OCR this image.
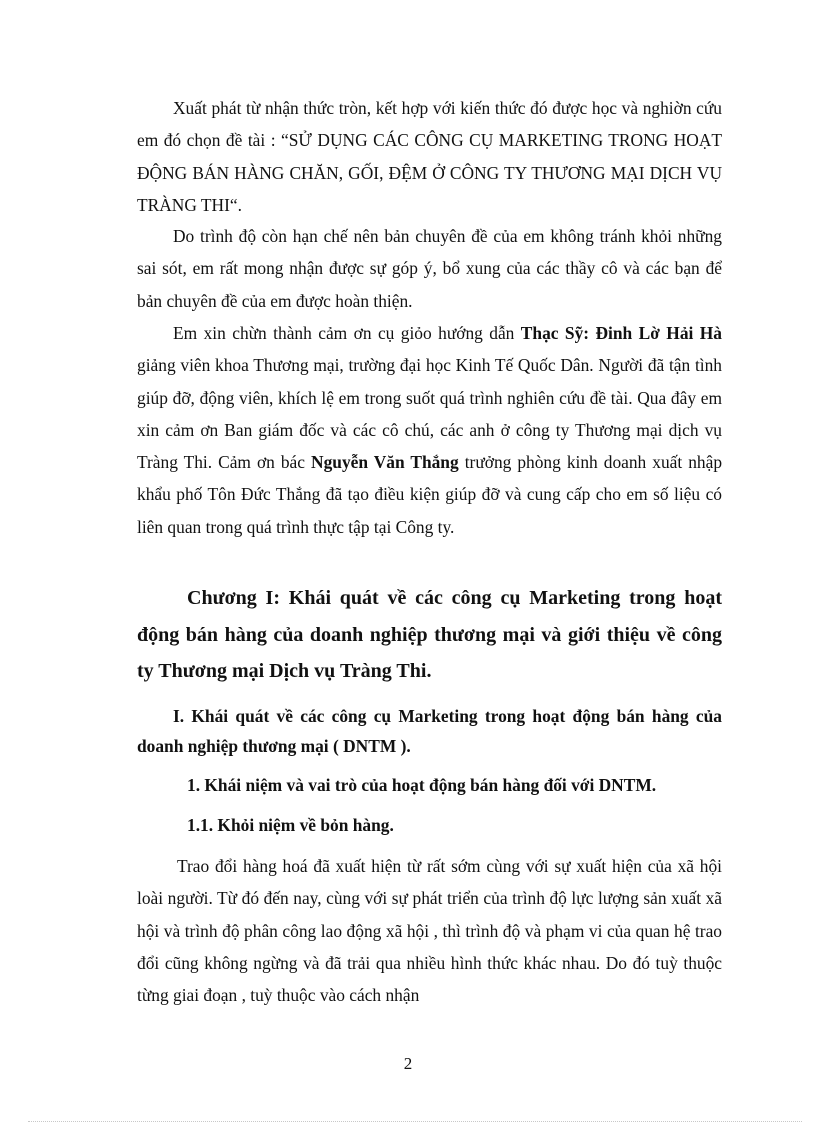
Xuất phát từ nhận thức tròn, kết hợp với kiến thức đó được học và nghiờn cứu em đó chọn đề tài : “SỬ DỤNG CÁC CÔNG CỤ MARKETING TRONG HOẠT ĐỘNG BÁN HÀNG CHĂN, GỐI, ĐỆM Ở CÔNG TY THƯƠNG MẠI DỊCH VỤ TRÀNG THI“.

Do trình độ còn hạn chế nên bản chuyên đề của em không tránh khỏi những sai sót, em rất mong nhận được sự góp ý, bổ xung của các thầy cô và các bạn để bản chuyên đề của em được hoàn thiện.

Em xin chừn thành cảm ơn cụ giỏo hướng dẫn Thạc Sỹ: Đinh Lờ Hải Hà giảng viên khoa Thương mại, trường đại học Kinh Tế Quốc Dân. Người đã tận tình giúp đỡ, động viên, khích lệ em trong suốt quá trình nghiên cứu đề tài. Qua đây em xin cảm ơn Ban giám đốc và các cô chú, các anh ở công ty Thương mại dịch vụ Tràng Thi. Cảm ơn bác Nguyễn Văn Thắng trưởng phòng kinh doanh xuất nhập khẩu phố Tôn Đức Thắng đã tạo điều kiện giúp đỡ và cung cấp cho em số liệu có liên quan trong quá trình thực tập tại Công ty.

Chương I: Khái quát về các công cụ Marketing trong hoạt động bán hàng của doanh nghiệp thương mại và giới thiệu về công ty Thương mại Dịch vụ Tràng Thi.
I. Khái quát về các công cụ Marketing trong hoạt động bán hàng của doanh nghiệp thương mại ( DNTM ).
1. Khái niệm và vai trò của hoạt động bán hàng đối với DNTM.
1.1. Khỏi niệm về bỏn hàng.

Trao đổi hàng hoá đã xuất hiện từ rất sớm cùng với sự xuất hiện của xã hội loài người. Từ đó đến nay, cùng với sự phát triển của trình độ lực lượng sản xuất xã hội và trình độ phân công lao động xã hội , thì trình độ và phạm vi của quan hệ trao đổi cũng không ngừng và đã trải qua nhiều hình thức khác nhau. Do đó tuỳ thuộc từng giai đoạn , tuỳ thuộc vào cách nhận

2
